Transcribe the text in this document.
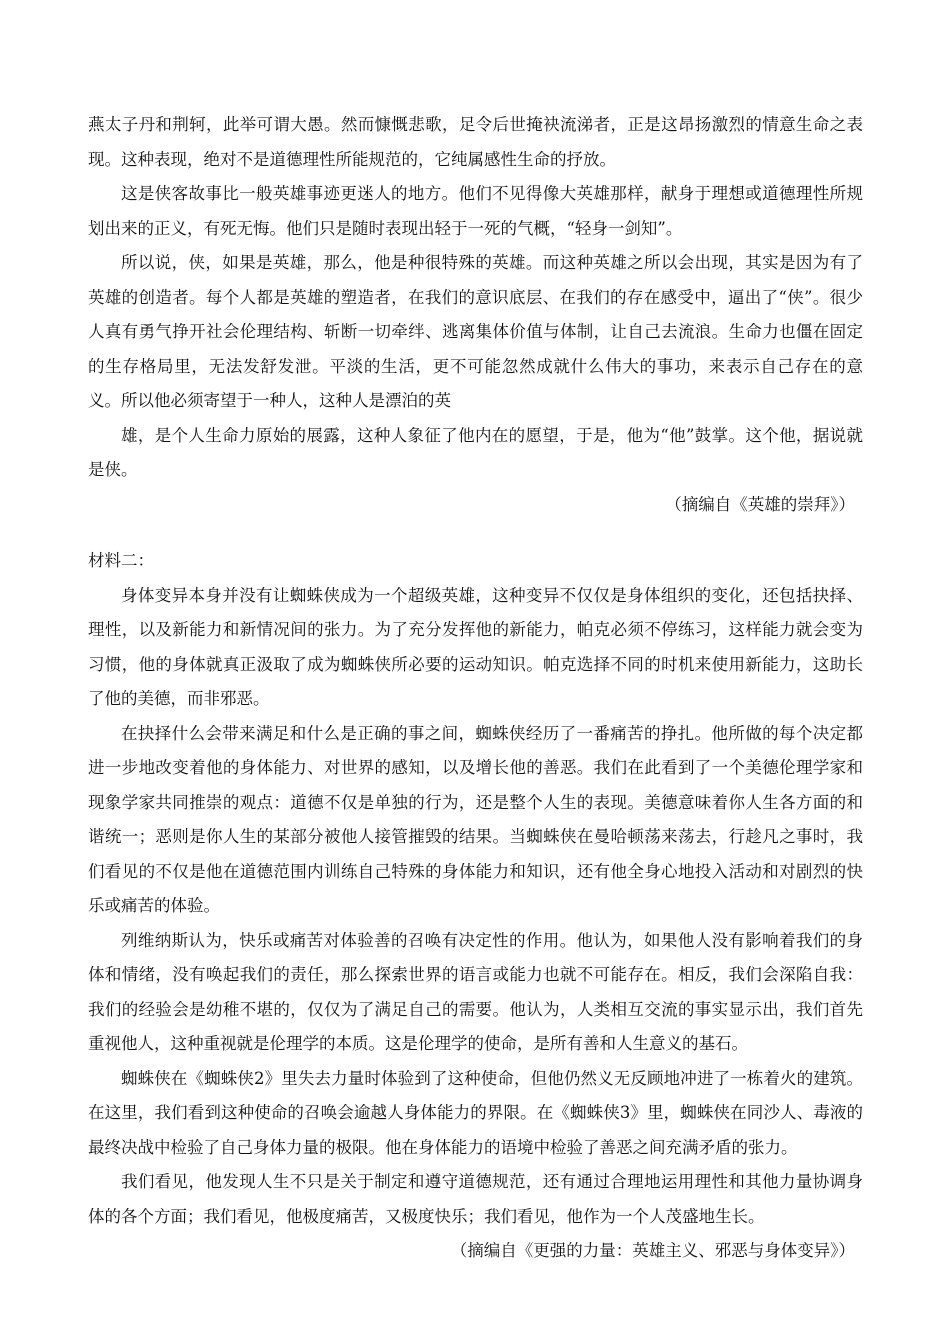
燕太子丹和荆轲，此举可谓大愚。然而慷慨悲歌，足令后世掩袂流涕者，正是这昂扬激烈的情意生命之表现。这种表现，绝对不是道德理性所能规范的，它纯属感性生命的抒放。

这是侠客故事比一般英雄事迹更迷人的地方。他们不见得像大英雄那样，献身于理想或道德理性所规划出来的正义，有死无悔。他们只是随时表现出轻于一死的气概，“轻身一剑知”。

所以说，侠，如果是英雄，那么，他是种很特殊的英雄。而这种英雄之所以会出现，其实是因为有了英雄的创造者。每个人都是英雄的塑造者，在我们的意识底层、在我们的存在感受中，逼出了“侠”。很少人真有勇气挣开社会伦理结构、斩断一切牵绊、逃离集体价值与体制，让自己去流浪。生命力也僵在固定的生存格局里，无法发舒发泄。平淡的生活，更不可能忽然成就什么伟大的事功，来表示自己存在的意义。所以他必须寄望于一种人，这种人是漂泊的英

雄，是个人生命力原始的展露，这种人象征了他内在的愿望，于是，他为“他”鼓掌。这个他，据说就是侠。

（摘编自《英雄的崇拜》）

材料二：

身体变异本身并没有让蜘蛛侠成为一个超级英雄，这种变异不仅仅是身体组织的变化，还包括抉择、理性，以及新能力和新情况间的张力。为了充分发挥他的新能力，帕克必须不停练习，这样能力就会变为习惯，他的身体就真正汲取了成为蜘蛛侠所必要的运动知识。帕克选择不同的时机来使用新能力，这助长了他的美德，而非邪恶。

在抉择什么会带来满足和什么是正确的事之间，蜘蛛侠经历了一番痛苦的挣扎。他所做的每个决定都进一步地改变着他的身体能力、对世界的感知，以及增长他的善恶。我们在此看到了一个美德伦理学家和现象学家共同推崇的观点：道德不仅是单独的行为，还是整个人生的表现。美德意味着你人生各方面的和谐统一；恶则是你人生的某部分被他人接管摧毁的结果。当蜘蛛侠在曼哈顿荡来荡去，行趁凡之事时，我们看见的不仅是他在道德范围内训练自己特殊的身体能力和知识，还有他全身心地投入活动和对剧烈的快乐或痛苦的体验。

列维纳斯认为，快乐或痛苦对体验善的召唤有决定性的作用。他认为，如果他人没有影响着我们的身体和情绪，没有唤起我们的责任，那么探索世界的语言或能力也就不可能存在。相反，我们会深陷自我：我们的经验会是幼稚不堪的，仅仅为了满足自己的需要。他认为，人类相互交流的事实显示出，我们首先重视他人，这种重视就是伦理学的本质。这是伦理学的使命，是所有善和人生意义的基石。

蜘蛛侠在《蜘蛛侠2》里失去力量时体验到了这种使命，但他仍然义无反顾地冲进了一栋着火的建筑。在这里，我们看到这种使命的召唤会逾越人身体能力的界限。在《蜘蛛侠3》里，蜘蛛侠在同沙人、毒液的最终决战中检验了自己身体力量的极限。他在身体能力的语境中检验了善恶之间充满矛盾的张力。

我们看见，他发现人生不只是关于制定和遵守道德规范，还有通过合理地运用理性和其他力量协调身体的各个方面；我们看见，他极度痛苦，又极度快乐；我们看见，他作为一个人茂盛地生长。

（摘编自《更强的力量：英雄主义、邪恶与身体变异》）
